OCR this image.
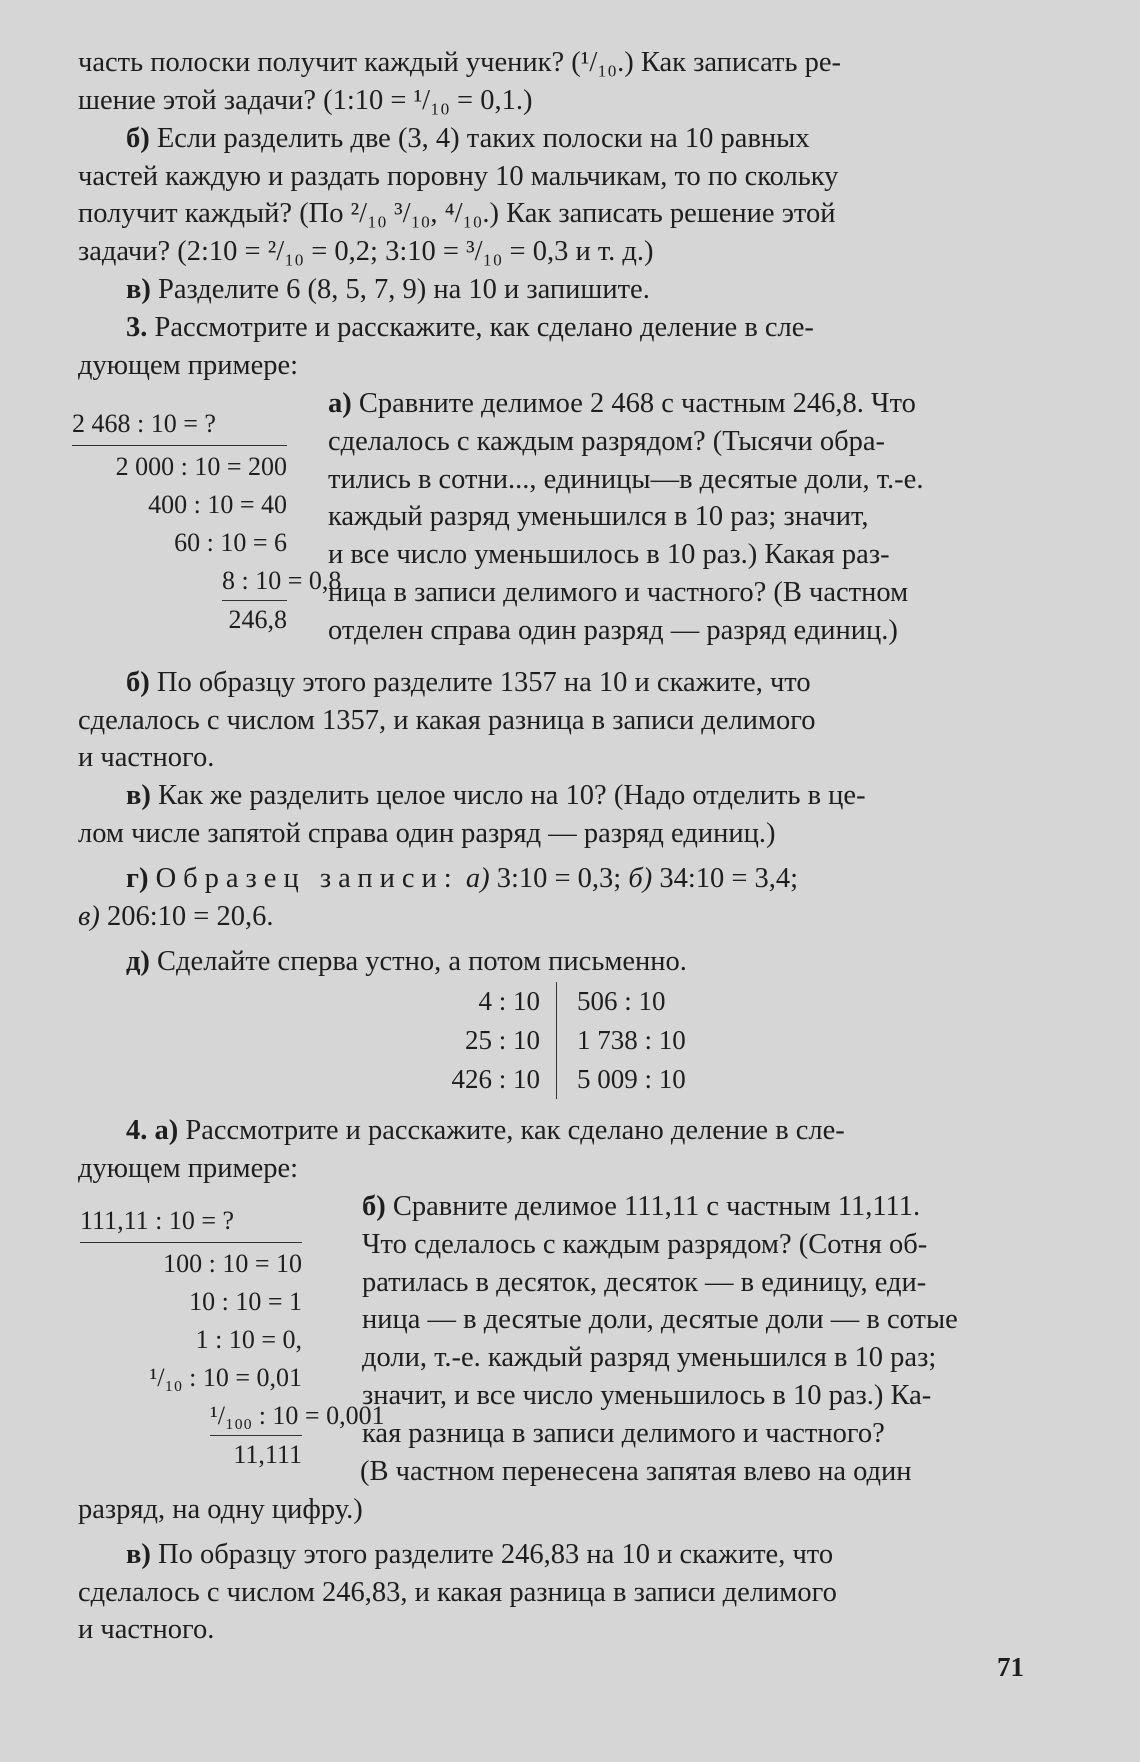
часть полоски получит каждый ученик? (¹/₁₀.) Как записать ре-
шение этой задачи? (1:10 = ¹/₁₀ = 0,1.)
б) Если разделить две (3, 4) таких полоски на 10 равных
частей каждую и раздать поровну 10 мальчикам, то по скольку
получит каждый? (По ²/₁₀ ³/₁₀, ⁴/₁₀.) Как записать решение этой
задачи? (2:10 = ²/₁₀ = 0,2; 3:10 = ³/₁₀ = 0,3 и т. д.)
в) Разделите 6 (8, 5, 7, 9) на 10 и запишите.
3. Рассмотрите и расскажите, как сделано деление в сле-
дующем примере:
2 468 : 10 = ?
2 000 : 10 = 200
400 : 10 = 40
60 : 10 = 6
8 : 10 = 0,8
246,8
а) Сравните делимое 2 468 с частным 246,8. Что
сделалось с каждым разрядом? (Тысячи обра-
тились в сотни..., единицы—в десятые доли, т.-е.
каждый разряд уменьшился в 10 раз; значит,
и все число уменьшилось в 10 раз.) Какая раз-
ница в записи делимого и частного? (В частном
отделен справа один разряд — разряд единиц.)
б) По образцу этого разделите 1357 на 10 и скажите, что
сделалось с числом 1357, и какая разница в записи делимого
и частного.
в) Как же разделить целое число на 10? (Надо отделить в це-
лом числе запятой справа один разряд — разряд единиц.)
г) Образец записи: а) 3:10 = 0,3; б) 34:10 = 3,4;
в) 206:10 = 20,6.
д) Сделайте сперва устно, а потом письменно.
4 : 10
25 : 10
426 : 10
506 : 10
1 738 : 10
5 009 : 10
4. а) Рассмотрите и расскажите, как сделано деление в сле-
дующем примере:
111,11 : 10 = ?
100 : 10 = 10
10 : 10 = 1
1 : 10 = 0,
¹/₁₀ : 10 = 0,01
¹/₁₀₀ : 10 = 0,001
11,111
б) Сравните делимое 111,11 с частным 11,111.
Что сделалось с каждым разрядом? (Сотня об-
ратилась в десяток, десяток — в единицу, еди-
ница — в десятые доли, десятые доли — в сотые
доли, т.-е. каждый разряд уменьшился в 10 раз;
значит, и все число уменьшилось в 10 раз.) Ка-
кая разница в записи делимого и частного?
(В частном перенесена запятая влево на один
разряд, на одну цифру.)
в) По образцу этого разделите 246,83 на 10 и скажите, что
сделалось с числом 246,83, и какая разница в записи делимого
и частного.
71
